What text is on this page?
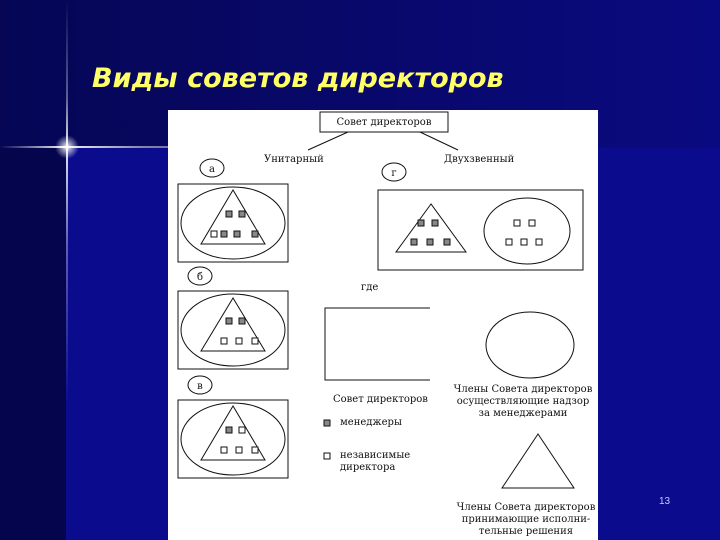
Виды советов директоров
Совет директоров
Унитарный	Двухзвенный
а	г
б
в
где
Совет директоров
менеджеры
независимые
директора
Члены Совета директоров
осуществляющие надзор
за менеджерами
Члены Совета директоров
принимающие исполни-
тельные решения
13
